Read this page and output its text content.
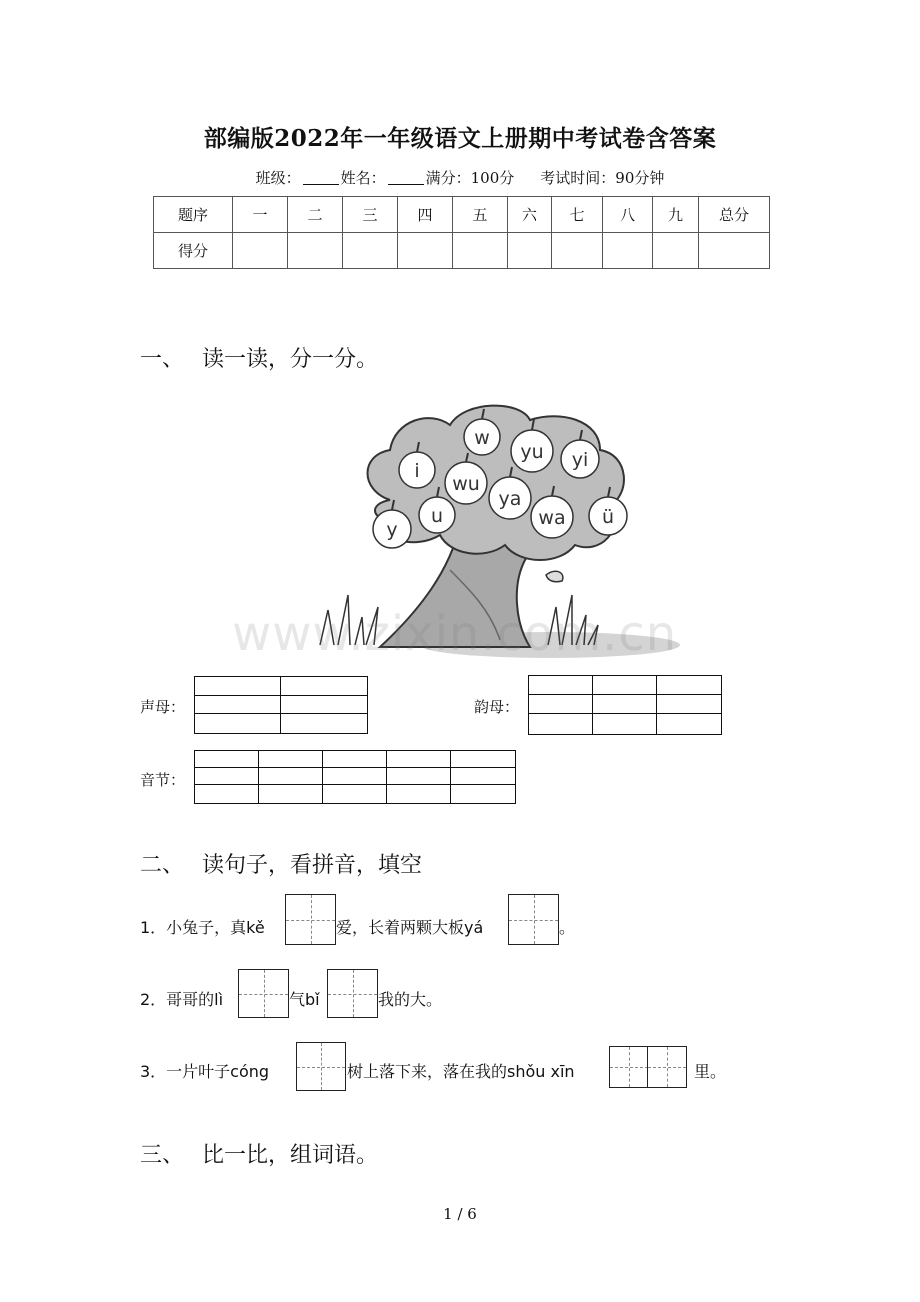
部编版2022年一年级语文上册期中考试卷含答案
班级：	姓名：	满分：100分 考试时间：90分钟
题序	一	二	三	四	五	六	七	八	九	总分
得分										
一、 读一读，分一分。
w
yu yi
i
wu
ya
u
y
wa ü
www.zixin.com.cn
声母：	韵母：
音节：
二、 读句子，看拼音，填空
1．小兔子，真kě	爱，长着两颗大板yá	。
2．哥哥的lì	气bǐ	我的大。
3．一片叶子cóng	树上落下来，落在我的shǒu xīn	里。
三、 比一比，组词语。
1 / 6
